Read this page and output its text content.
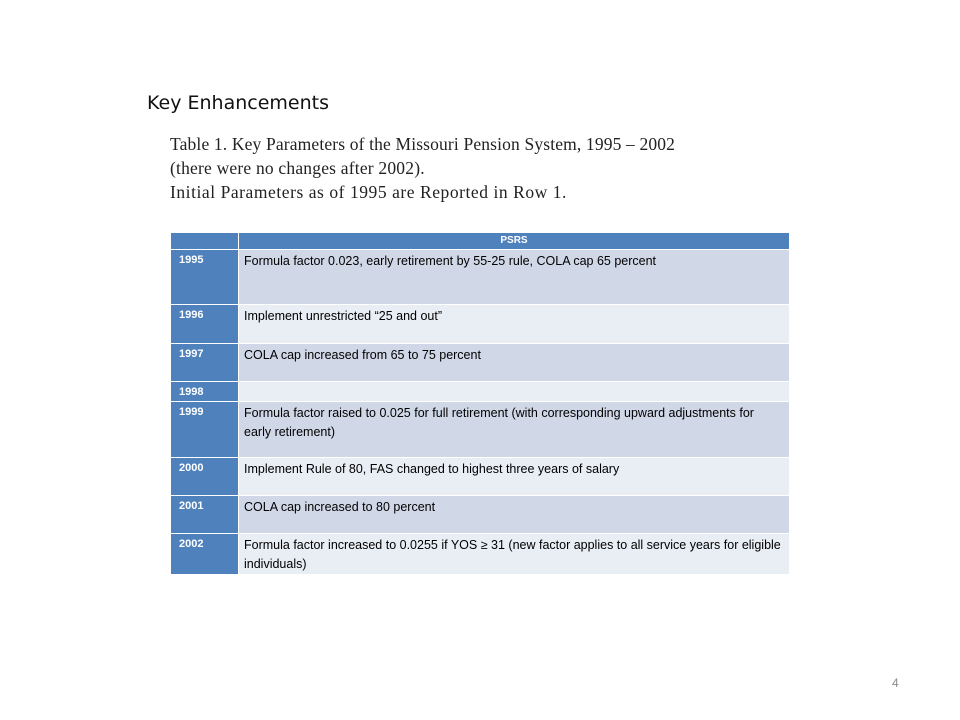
Key Enhancements
Table 1. Key Parameters of the Missouri Pension System, 1995 – 2002
(there were no changes after 2002).
Initial Parameters as of 1995 are Reported in Row 1.
	PSRS
1995	Formula factor 0.023, early retirement by 55-25 rule, COLA cap 65 percent
1996	Implement unrestricted “25 and out”
1997	COLA cap increased from 65 to 75 percent
1998	
1999	Formula factor raised to 0.025 for full retirement (with corresponding upward adjustments for early retirement)
2000	Implement Rule of 80, FAS changed to highest three years of salary
2001	COLA cap increased to 80 percent
2002	Formula factor increased to 0.0255 if YOS ≥ 31 (new factor applies to all service years for eligible individuals)
4
